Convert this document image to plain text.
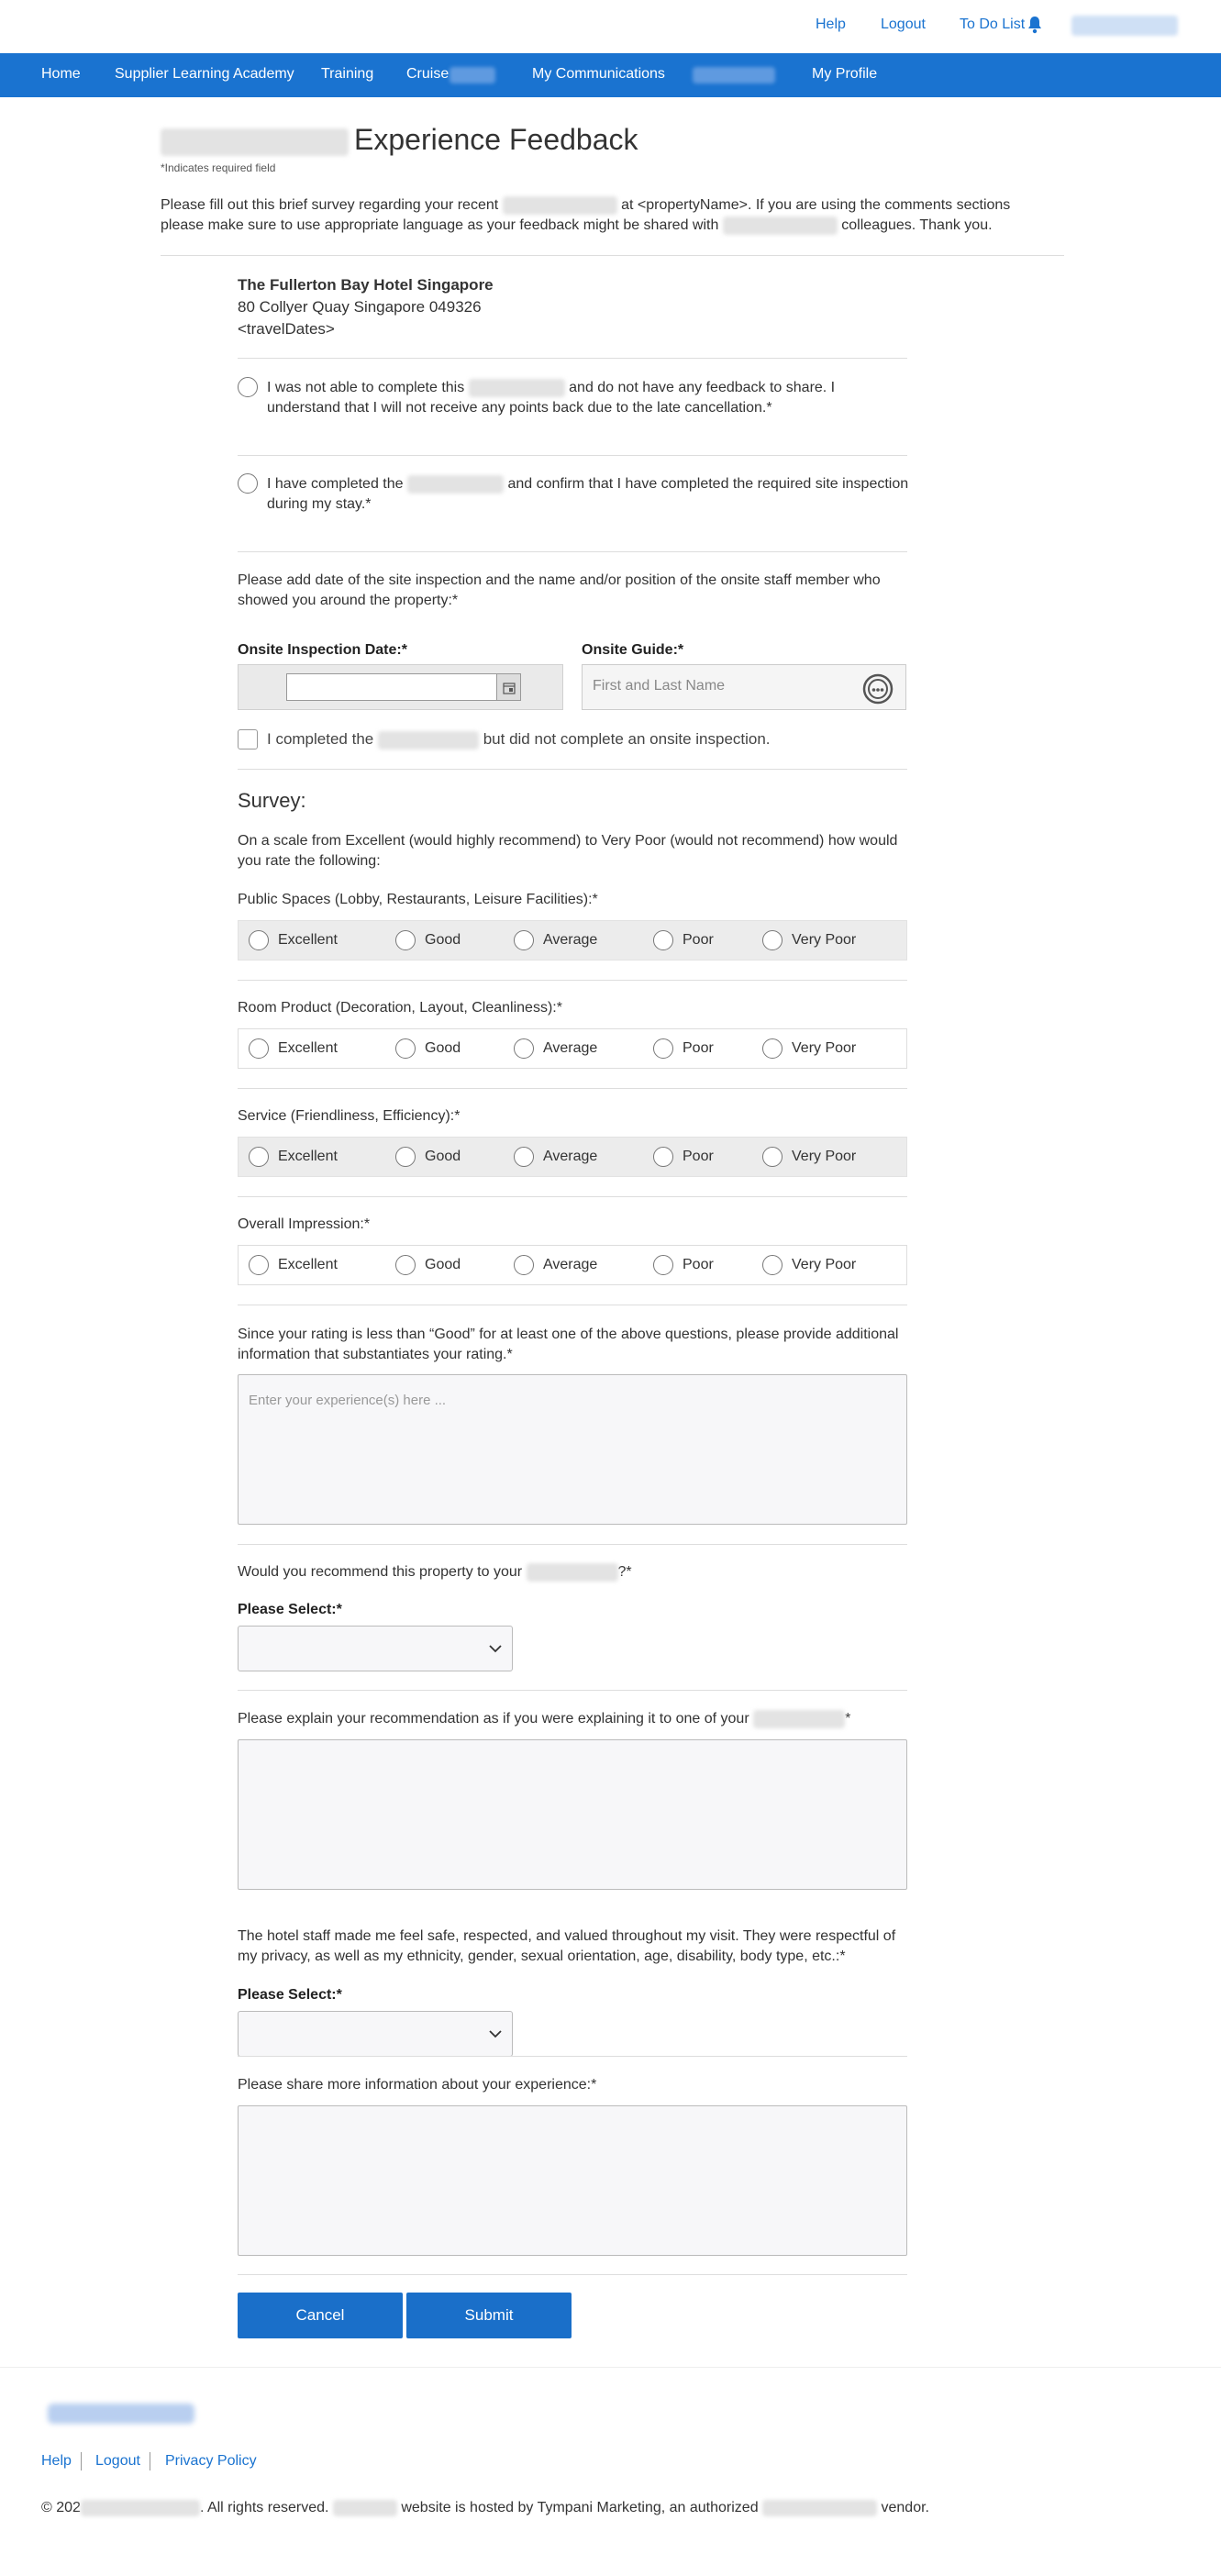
Help Logout To Do List
Home Supplier Learning Academy Training Cruise	My Communications	My Profile
Experience Feedback
*Indicates required field
Please fill out this brief survey regarding your recent	at <propertyName>. If you are using the comments sections please make sure to use appropriate language as your feedback might be shared with	colleagues. Thank you.
The Fullerton Bay Hotel Singapore
80 Collyer Quay Singapore 049326
<travelDates>
I was not able to complete this	and do not have any feedback to share. I understand that I will not receive any points back due to the late cancellation.*
I have completed the	and confirm that I have completed the required site inspection during my stay.*
Please add date of the site inspection and the name and/or position of the onsite staff member who showed you around the property:*
Onsite Inspection Date:*	Onsite Guide:*
First and Last Name
I completed the	but did not complete an onsite inspection.
Survey:
On a scale from Excellent (would highly recommend) to Very Poor (would not recommend) how would you rate the following:
Public Spaces (Lobby, Restaurants, Leisure Facilities):*
Excellent	Good	Average	Poor	Very Poor
Room Product (Decoration, Layout, Cleanliness):*
Excellent	Good	Average	Poor	Very Poor
Service (Friendliness, Efficiency):*
Excellent	Good	Average	Poor	Very Poor
Overall Impression:*
Excellent	Good	Average	Poor	Very Poor
Since your rating is less than “Good” for at least one of the above questions, please provide additional information that substantiates your rating.*
Enter your experience(s) here ...
Would you recommend this property to your	?*
Please Select:*
Please explain your recommendation as if you were explaining it to one of your	*
The hotel staff made me feel safe, respected, and valued throughout my visit. They were respectful of my privacy, as well as my ethnicity, gender, sexual orientation, age, disability, body type, etc.:*
Please Select:*
Please share more information about your experience:*
Cancel	Submit
Help Logout Privacy Policy
© 202	. All rights reserved.	website is hosted by Tympani Marketing, an authorized	vendor.
